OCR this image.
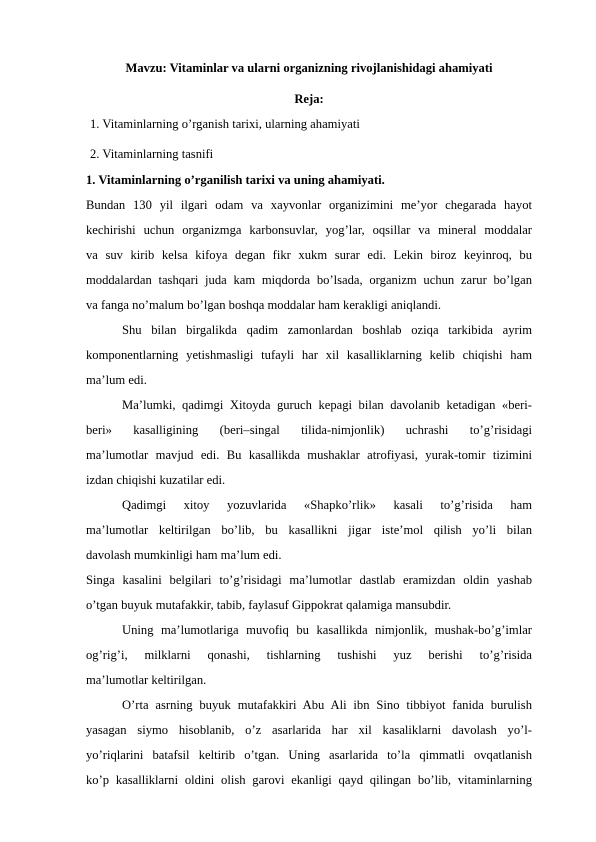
Mavzu: Vitaminlar va ularni organizning rivojlanishidagi ahamiyati
Reja:
1. Vitaminlarning o’rganish tarixi, ularning ahamiyati
2. Vitaminlarning tasnifi
1. Vitaminlarning o’rganilish tarixi va uning ahamiyati.
Bundan 130 yil ilgari odam va xayvonlar organizimini me’yor chegarada hayot
kechirishi uchun organizmga karbonsuvlar, yog’lar, oqsillar va mineral moddalar
va suv kirib kelsa kifoya degan fikr xukm surar edi. Lekin biroz keyinroq, bu
moddalardan tashqari juda kam miqdorda bo’lsada, organizm uchun zarur bo’lgan
va fanga no’malum bo’lgan boshqa moddalar ham kerakligi aniqlandi.
Shu bilan birgalikda qadim zamonlardan boshlab oziqa tarkibida ayrim
komponentlarning yetishmasligi tufayli har xil kasalliklarning kelib chiqishi ham
ma’lum edi.
Ma’lumki, qadimgi Xitoyda guruch kepagi bilan davolanib ketadigan «beri-
beri» kasalligining (beri–singal tilida-nimjonlik) uchrashi to’g’risidagi
ma’lumotlar mavjud edi. Bu kasallikda mushaklar atrofiyasi, yurak-tomir tizimini
izdan chiqishi kuzatilar edi.
Qadimgi xitoy yozuvlarida «Shapko’rlik» kasali to’g’risida ham
ma’lumotlar keltirilgan bo’lib, bu kasallikni jigar iste’mol qilish yo’li bilan
davolash mumkinligi ham ma’lum edi.
Singa kasalini belgilari to’g’risidagi ma’lumotlar dastlab eramizdan oldin yashab
o’tgan buyuk mutafakkir, tabib, faylasuf Gippokrat qalamiga mansubdir.
Uning ma’lumotlariga muvofiq bu kasallikda nimjonlik, mushak-bo’g’imlar
og’rig’i, milklarni qonashi, tishlarning tushishi yuz berishi to’g’risida
ma’lumotlar keltirilgan.
O’rta asrning buyuk mutafakkiri Abu Ali ibn Sino tibbiyot fanida burulish
yasagan siymo hisoblanib, o’z asarlarida har xil kasaliklarni davolash yo’l-
yo’riqlarini batafsil keltirib o’tgan. Uning asarlarida to’la qimmatli ovqatlanish
ko’p kasalliklarni oldini olish garovi ekanligi qayd qilingan bo’lib, vitaminlarning
